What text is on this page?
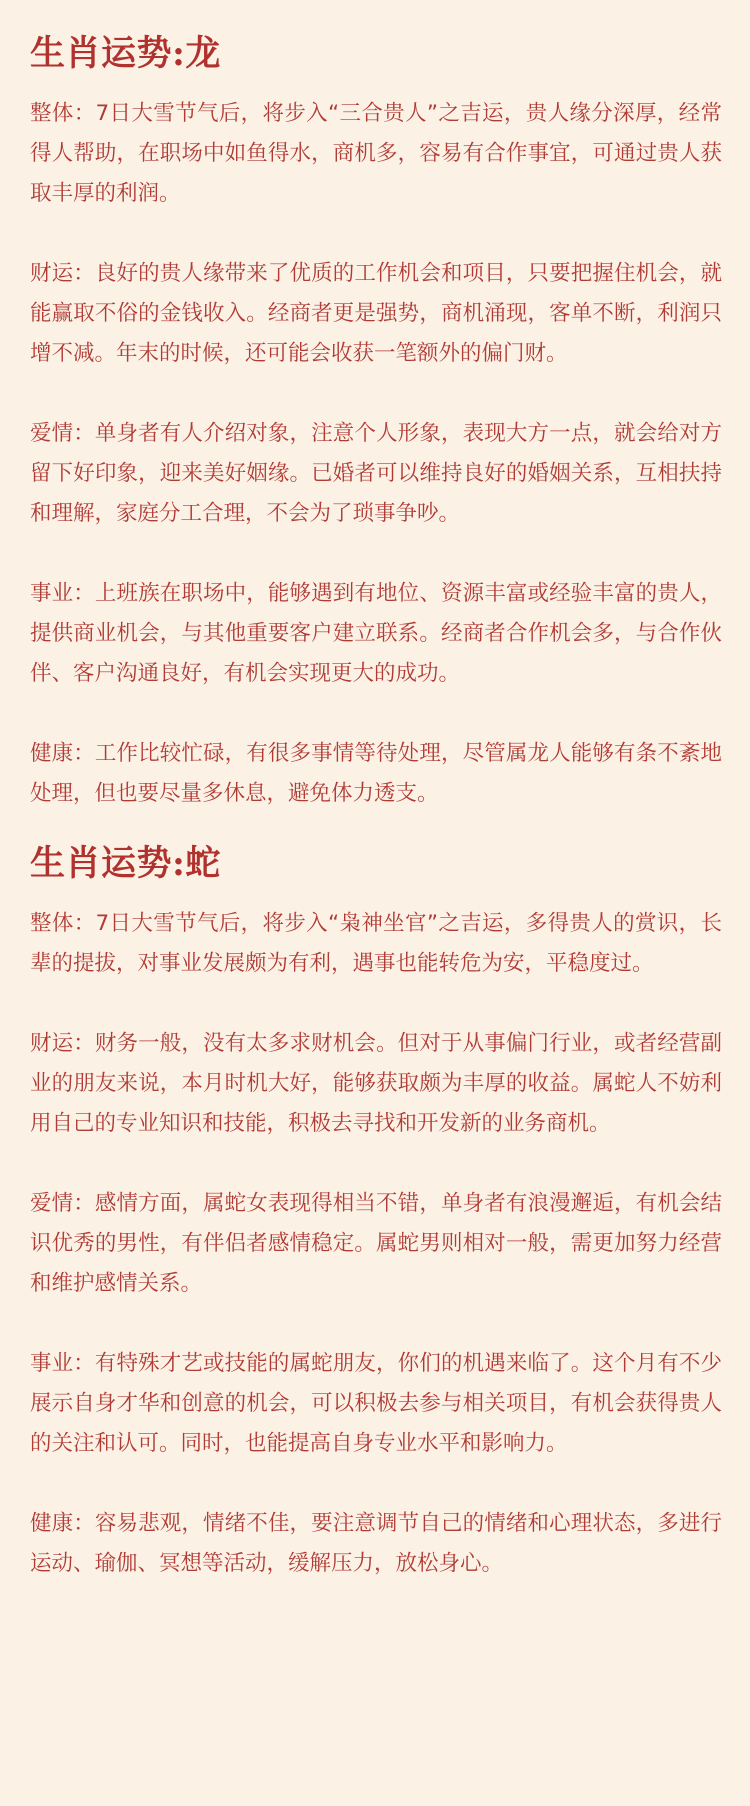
生肖运势:龙

整体：7日大雪节气后，将步入“三合贵人”之吉运，贵人缘分深厚，经常得人帮助，在职场中如鱼得水，商机多，容易有合作事宜，可通过贵人获取丰厚的利润。

财运：良好的贵人缘带来了优质的工作机会和项目，只要把握住机会，就能赢取不俗的金钱收入。经商者更是强势，商机涌现，客单不断，利润只增不减。年末的时候，还可能会收获一笔额外的偏门财。

爱情：单身者有人介绍对象，注意个人形象，表现大方一点，就会给对方留下好印象，迎来美好姻缘。已婚者可以维持良好的婚姻关系，互相扶持和理解，家庭分工合理，不会为了琐事争吵。

事业：上班族在职场中，能够遇到有地位、资源丰富或经验丰富的贵人，提供商业机会，与其他重要客户建立联系。经商者合作机会多，与合作伙伴、客户沟通良好，有机会实现更大的成功。

健康：工作比较忙碌，有很多事情等待处理，尽管属龙人能够有条不紊地处理，但也要尽量多休息，避免体力透支。

生肖运势:蛇

整体：7日大雪节气后，将步入“枭神坐官”之吉运，多得贵人的赏识，长辈的提拔，对事业发展颇为有利，遇事也能转危为安，平稳度过。

财运：财务一般，没有太多求财机会。但对于从事偏门行业，或者经营副业的朋友来说，本月时机大好，能够获取颇为丰厚的收益。属蛇人不妨利用自己的专业知识和技能，积极去寻找和开发新的业务商机。

爱情：感情方面，属蛇女表现得相当不错，单身者有浪漫邂逅，有机会结识优秀的男性，有伴侣者感情稳定。属蛇男则相对一般，需更加努力经营和维护感情关系。

事业：有特殊才艺或技能的属蛇朋友，你们的机遇来临了。这个月有不少展示自身才华和创意的机会，可以积极去参与相关项目，有机会获得贵人的关注和认可。同时，也能提高自身专业水平和影响力。

健康：容易悲观，情绪不佳，要注意调节自己的情绪和心理状态，多进行运动、瑜伽、冥想等活动，缓解压力，放松身心。
